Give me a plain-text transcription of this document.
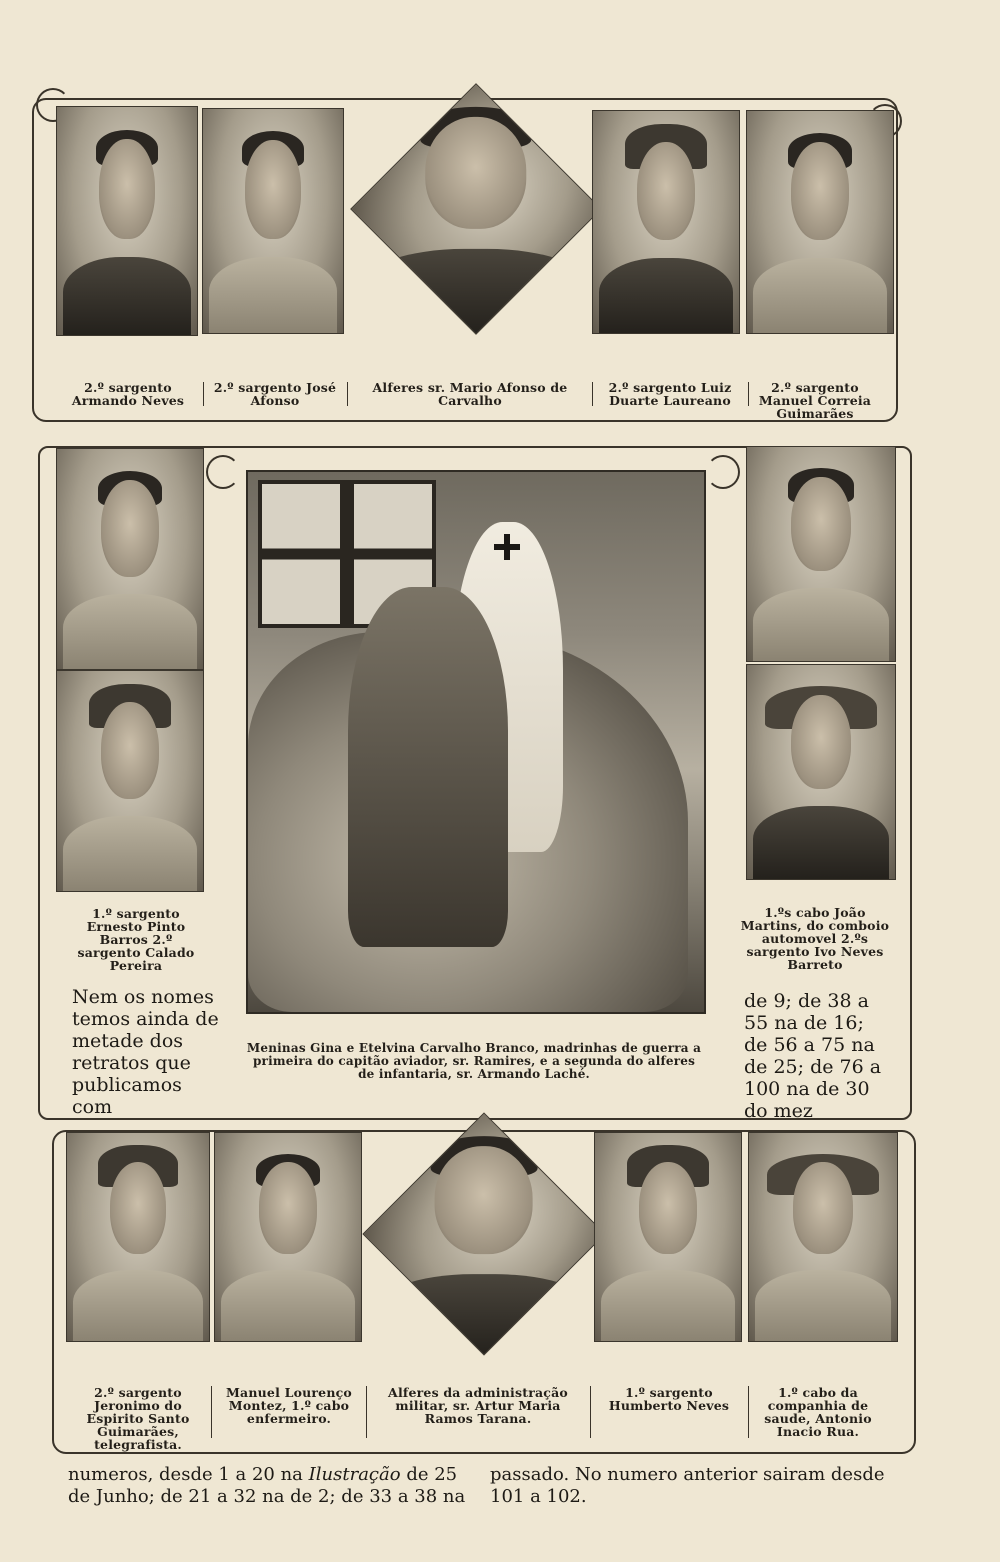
2.º sargento Armando Neves
2.º sargento José Afonso
Alferes sr. Mario Afonso de Carvalho
2.º sargento Luiz Duarte Laureano
2.º sargento Manuel Correia Guimarães
1.º sargento Ernesto Pinto Barros 2.º sargento Calado Pereira
Meninas Gina e Etelvina Carvalho Branco, madrinhas de guerra a primeira do capitão aviador, sr. Ramires, e a segunda do alferes de infantaria, sr. Armando Laché.
1.ºs cabo João Martins, do comboio automovel 2.ºs sargento Ivo Neves Barreto
Nem os nomes temos ainda de metade dos retratos que publicamos com
de 9; de 38 a 55 na de 16; de 56 a 75 na de 25; de 76 a 100 na de 30 do mez
2.º sargento Jeronimo do Espirito Santo Guimarães, telegrafista.
Manuel Lourenço Montez, 1.º cabo enfermeiro.
Alferes da administração militar, sr. Artur Maria Ramos Tarana.
1.º sargento Humberto Neves
1.º cabo da companhia de saude, Antonio Inacio Rua.
numeros, desde 1 a 20 na Ilustração de 25 de Junho; de 21 a 32 na de 2; de 33 a 38 na
passado. No numero anterior sairam desde 101 a 102.
